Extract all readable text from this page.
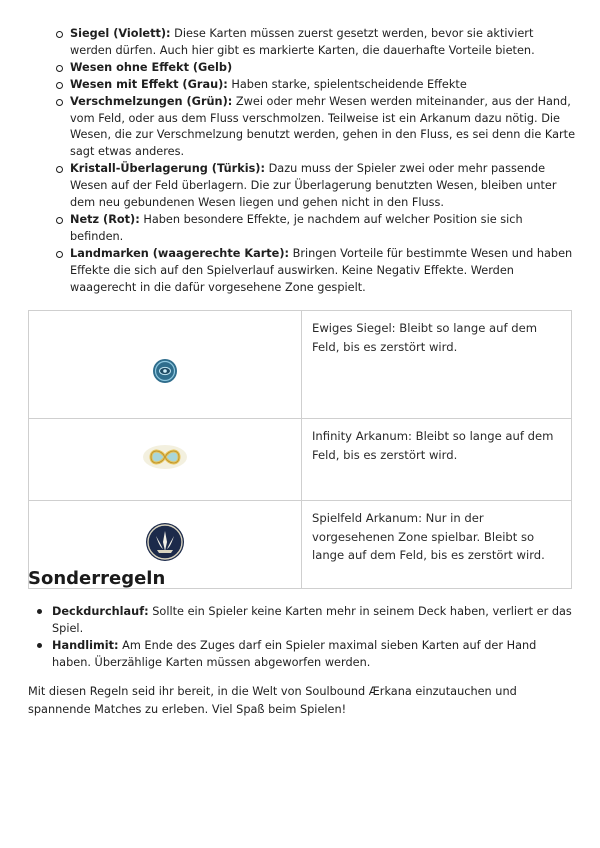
Siegel (Violett): Diese Karten müssen zuerst gesetzt werden, bevor sie aktiviert werden dürfen. Auch hier gibt es markierte Karten, die dauerhafte Vorteile bieten.
Wesen ohne Effekt (Gelb)
Wesen mit Effekt (Grau): Haben starke, spielentscheidende Effekte
Verschmelzungen (Grün): Zwei oder mehr Wesen werden miteinander, aus der Hand, vom Feld, oder aus dem Fluss verschmolzen. Teilweise ist ein Arkanum dazu nötig. Die Wesen, die zur Verschmelzung benutzt werden, gehen in den Fluss, es sei denn die Karte sagt etwas anderes.
Kristall-Überlagerung (Türkis): Dazu muss der Spieler zwei oder mehr passende Wesen auf der Feld überlagern. Die zur Überlagerung benutzten Wesen, bleiben unter dem neu gebundenen Wesen liegen und gehen nicht in den Fluss.
Netz (Rot): Haben besondere Effekte, je nachdem auf welcher Position sie sich befinden.
Landmarken (waagerechte Karte): Bringen Vorteile für bestimmte Wesen und haben Effekte die sich auf den Spielverlauf auswirken. Keine Negativ Effekte. Werden waagerecht in die dafür vorgesehene Zone gespielt.
	Ewiges Siegel: Bleibt so lange auf dem Feld, bis es zerstört wird.
	Infinity Arkanum: Bleibt so lange auf dem Feld, bis es zerstört wird.
	Spielfeld Arkanum: Nur in der vorgesehenen Zone spielbar. Bleibt so lange auf dem Feld, bis es zerstört wird.
Sonderregeln
Deckdurchlauf: Sollte ein Spieler keine Karten mehr in seinem Deck haben, verliert er das Spiel.
Handlimit: Am Ende des Zuges darf ein Spieler maximal sieben Karten auf der Hand haben. Überzählige Karten müssen abgeworfen werden.

Mit diesen Regeln seid ihr bereit, in die Welt von Soulbound Ærkana einzutauchen und spannende Matches zu erleben. Viel Spaß beim Spielen!
